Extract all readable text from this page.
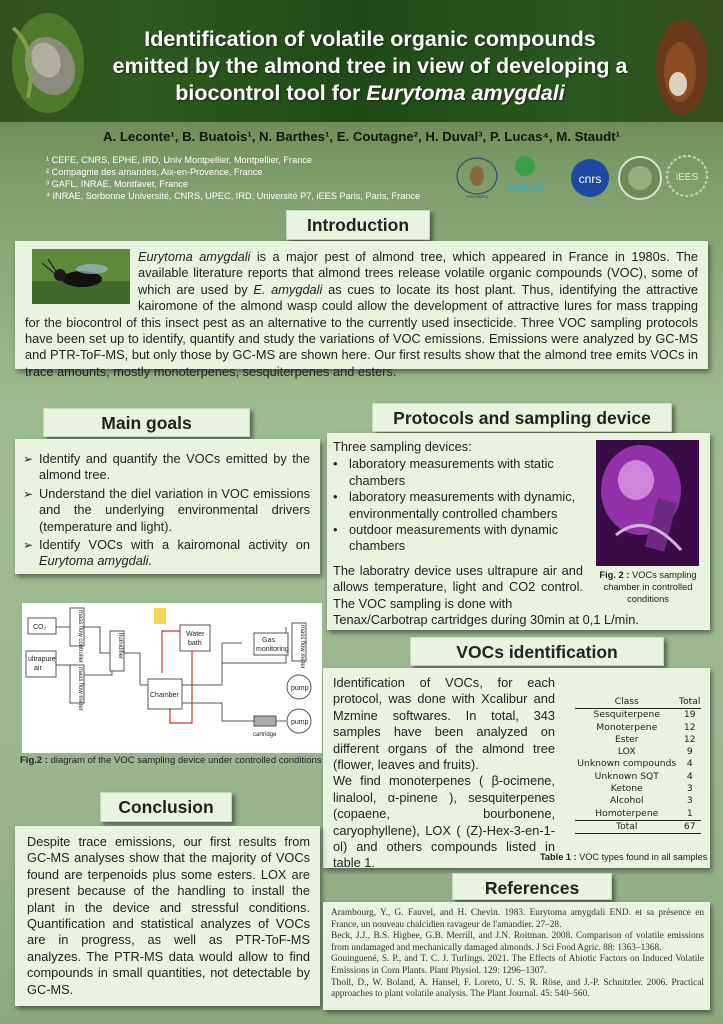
Identification of volatile organic compounds
emitted by the almond tree in view of developing a
biocontrol tool for Eurytoma amygdali
A. Leconte¹, B. Buatois¹, N. Barthes¹, E. Coutagne², H. Duval³, P. Lucas⁴, M. Staudt¹
¹ CEFE, CNRS, EPHE, IRD, Univ Montpellier, Montpellier, France
² Compagnie des amandes, Aix-en-Provence, France
³ GAFL, INRAE, Montfavet, France
⁴ INRAE, Sorbonne Université, CNRS, UPEC, IRD, Université P7, iEES Paris, Paris, France	AMANDES
INRAE
cnrs	iEES
Introduction
Eurytoma amygdali is a major pest of almond tree, which appeared in France in 1980s. The available literature reports that almond trees release volatile organic compounds (VOC), some of which are used by E. amygdali as cues to locate its host plant. Thus, identifying the attractive kairomone of the almond wasp could allow the development of attractive lures for mass trapping for the biocontrol of this insect pest as an alternative to the currently used insecticide. Three VOC sampling protocols have been set up to identify, quantify and study the variations of VOC emissions. Emissions were analyzed by GC-MS and PTR-ToF-MS, but only those by GC-MS are shown here. Our first results show that the almond tree emits VOCs in trace amounts, mostly monoterpenes, sesquiterpenes and esters.
Main goals
➢ Identify and quantify the VOCs emitted by the almond tree.
➢ Understand the diel variation in VOC emissions and the underlying environmental drivers (temperature and light).
➢ Identify VOCs with a kairomonal activity on Eurytoma amygdali.
Protocols and sampling device
Three sampling devices:
• laboratory measurements with static chambers
• laboratory measurements with dynamic, environmentally controlled chambers
• outdoor measurements with dynamic chambers
The laboratry device uses ultrapure air and allows temperature, light and CO2 control. The VOC sampling is done with
Tenax/Carbotrap cartridges during 30min at 0,1 L/min.
Fig. 2 : VOCs sampling chamber in controlled conditions
CO₂
ultrapure
air
mass flow controller
mass flow meter
humidifier
Chamber
Water
bath	Gas
monitoring mass flow meter
pump
pump
cartridge
Fig.2 : diagram of the VOC sampling device under controlled conditions
VOCs identification
Identification of VOCs, for each protocol, was done with Xcalibur and Mzmine softwares. In total, 343 samples have been analyzed on different organs of the almond tree (flower, leaves and fruits).
We find monoterpenes ( β-ocimene, linalool, α-pinene ), sesquiterpenes (copaene, bourbonene, caryophyllene), LOX ( (Z)-Hex-3-en-1-ol) and others compounds listed in table 1.
Class	Total
Sesquiterpene	19
Monoterpene	12
Ester	12
LOX	9
Unknown compounds	4
Unknown SQT	4
Ketone	3
Alcohol	3
Homoterpene	1
Total	67
Table 1 : VOC types found in all samples
Conclusion
Despite trace emissions, our first results from GC-MS analyses show that the majority of VOCs found are terpenoids plus some esters. LOX are present because of the handling to install the plant in the device and stressful conditions. Quantification and statistical analyzes of VOCs are in progress, as well as PTR-ToF-MS analyzes. The PTR-MS data would allow to find compounds in small quantities, not detectable by GC-MS.
References
Arambourg, Y., G. Fauvel, and H. Chevin. 1983. Eurytoma amygdali END. et sa présence en France, un nouveau chalcidien ravageur de l'amandier. 27–28.
Beck, J.J., B.S. Higbee, G.B. Merrill, and J.N. Roitman. 2008. Comparison of volatile emissions from undamaged and mechanically damaged almonds. J Sci Food Agric. 88: 1363–1368.
Gouinguené, S. P., and T. C. J. Turlings. 2021. The Effects of Abiotic Factors on Induced Volatile Emissions in Corn Plants. Plant Physiol. 129: 1296–1307.
Tholl, D., W. Boland, A. Hansel, F. Loreto, U. S. R. Röse, and J.-P. Schnitzler. 2006. Practical approaches to plant volatile analysis. The Plant Journal. 45: 540–560.
